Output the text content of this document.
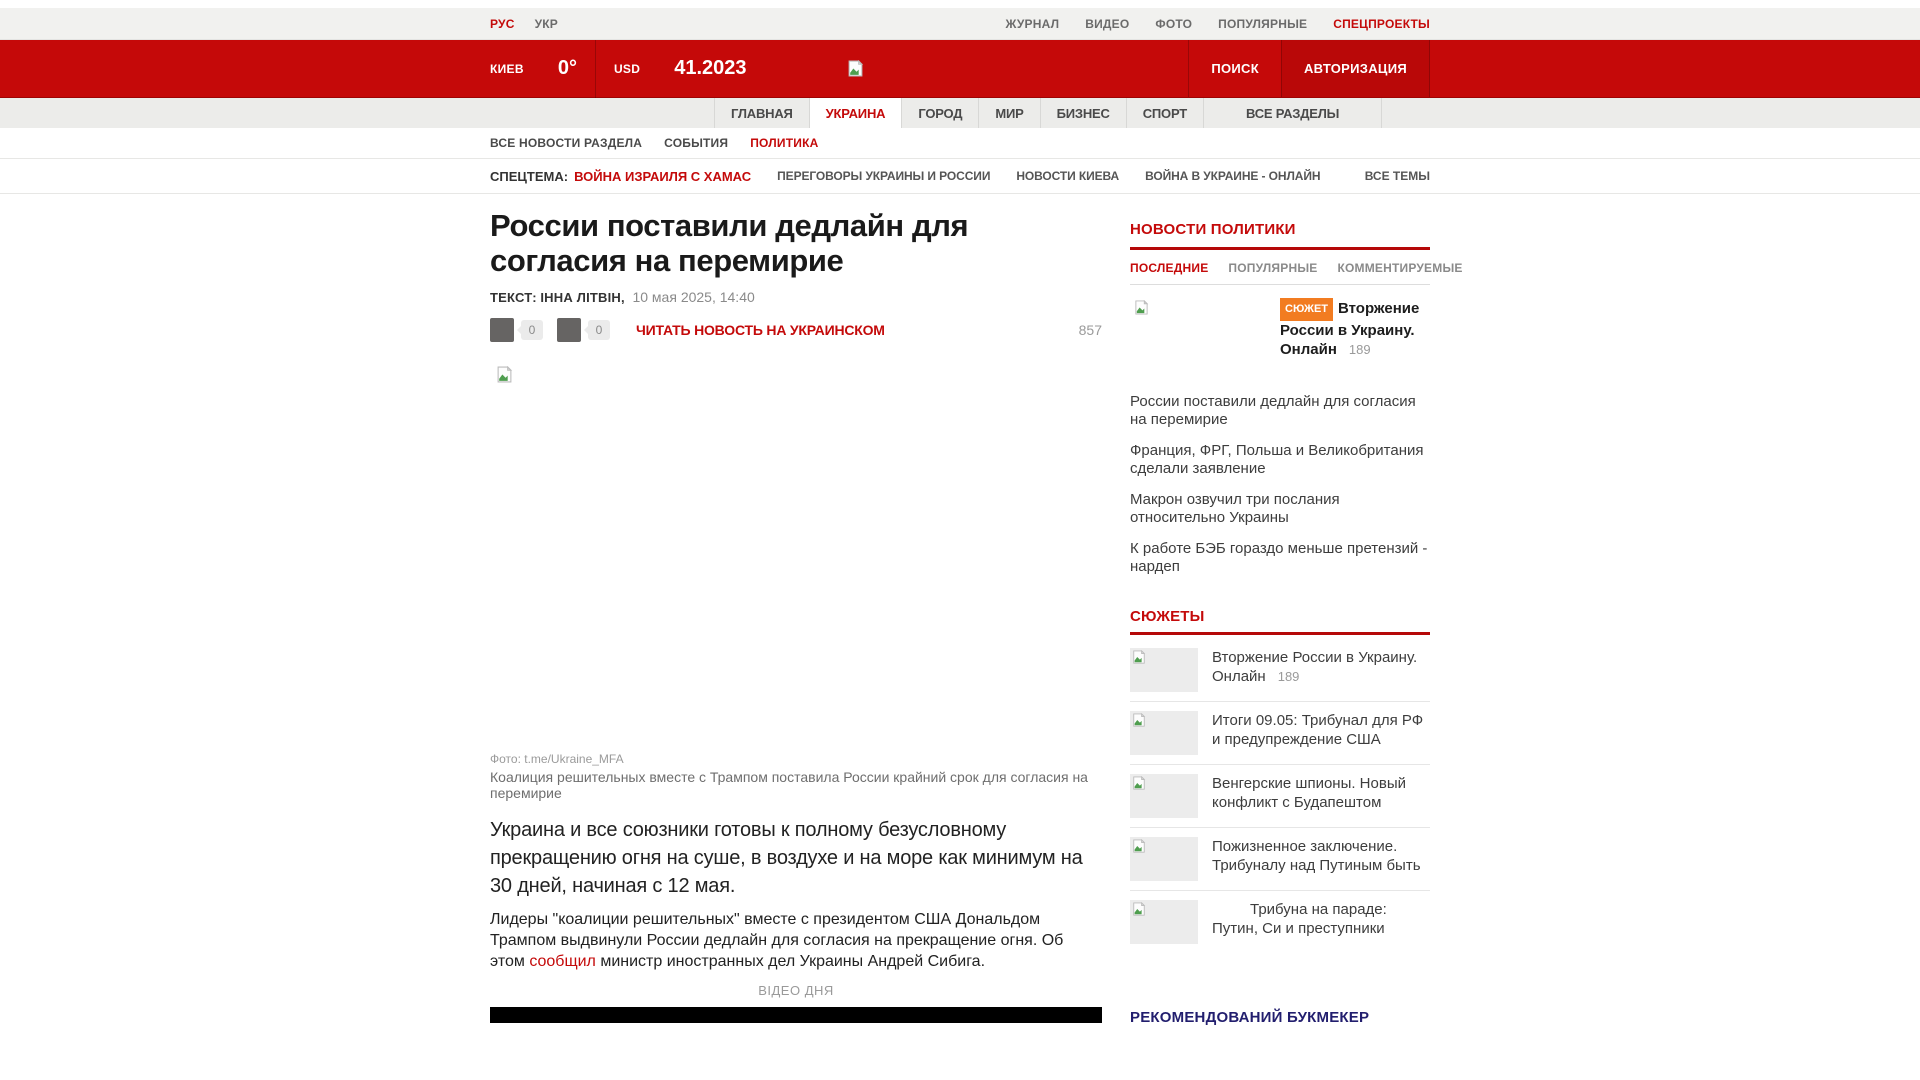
РУС УКР	ЖУРНАЛ ВИДЕО ФОТО ПОПУЛЯРНЫЕ СПЕЦПРОЕКТЫ
КИЕВ 0°	USD 41.2023	ПОИСК	АВТОРИЗАЦИЯ
ГЛАВНАЯ	УКРАИНА	ГОРОД	МИР	БИЗНЕС	СПОРТ	ВСЕ РАЗДЕЛЫ
ВСЕ НОВОСТИ РАЗДЕЛА СОБЫТИЯ ПОЛИТИКА
СПЕЦТЕМА: ВОЙНА ИЗРАИЛЯ С ХАМАС ПЕРЕГОВОРЫ УКРАИНЫ И РОССИИ НОВОСТИ КИЕВА ВОЙНА В УКРАИНЕ - ОНЛАЙН	ВСЕ ТЕМЫ
России поставили дедлайн для согласия на перемирие
ТЕКСТ: ІННА ЛІТВІН, 10 мая 2025, 14:40
0	0	ЧИТАТЬ НОВОСТЬ НА УКРАИНСКОМ	857
Фото: t.me/Ukraine_MFA
Коалиция решительных вместе с Трампом поставила России крайний срок для согласия на перемирие

Украина и все союзники готовы к полному безусловному прекращению огня на суше, в воздухе и на море как минимум на 30 дней, начиная с 12 мая.

Лидеры "коалиции решительных" вместе с президентом США Дональдом Трампом выдвинули России дедлайн для согласия на прекращение огня. Об этом сообщил министр иностранных дел Украины Андрей Сибига.

ВІДЕО ДНЯ
НОВОСТИ ПОЛИТИКИ
ПОСЛЕДНИЕ ПОПУЛЯРНЫЕ КОММЕНТИРУЕМЫЕ
СЮЖЕТ Вторжение России в Украину. Онлайн 189
России поставили дедлайн для согласия на перемирие
Франция, ФРГ, Польша и Великобритания сделали заявление
Макрон озвучил три послания относительно Украины
К работе БЭБ гораздо меньше претензий - нардеп
СЮЖЕТЫ
Вторжение России в Украину. Онлайн 189
Итоги 09.05: Трибунал для РФ и предупреждение США
Венгерские шпионы. Новый конфликт с Будапештом
Пожизненное заключение. Трибуналу над Путиным быть
Трибуна на параде: Путин, Си и преступники
РЕКОМЕНДОВАНИЙ БУКМЕКЕР
